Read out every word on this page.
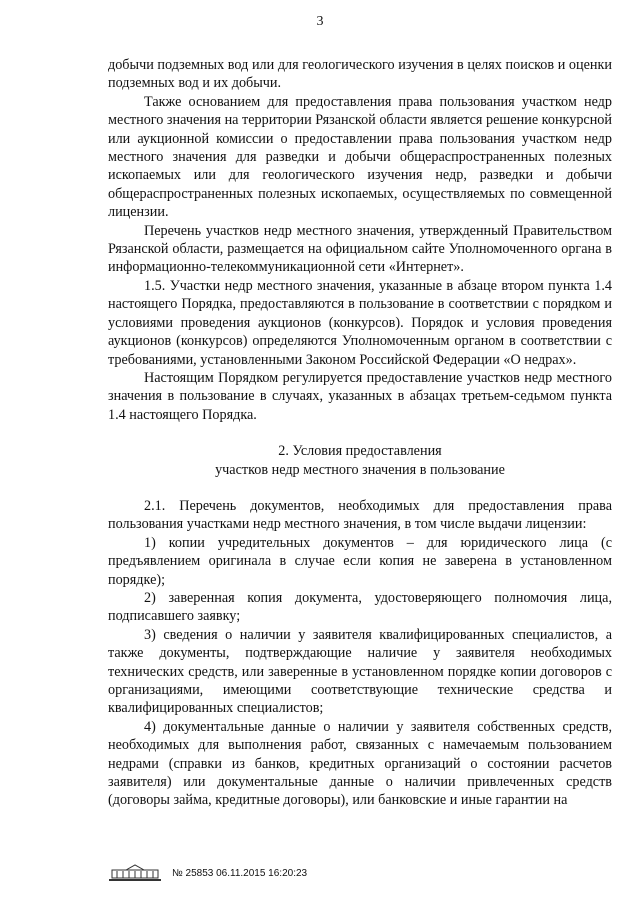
3

добычи подземных вод или для геологического изучения в целях поисков и оценки подземных вод и их добычи.

Также основанием для предоставления права пользования участком недр местного значения на территории Рязанской области является решение конкурсной или аукционной комиссии о предоставлении права пользования участком недр местного значения для разведки и добычи общераспространенных полезных ископаемых или для геологического изучения недр, разведки и добычи общераспространенных полезных ископаемых, осуществляемых по совмещенной лицензии.

Перечень участков недр местного значения, утвержденный Правительством Рязанской области, размещается на официальном сайте Уполномоченного органа в информационно-телекоммуникационной сети «Интернет».

1.5. Участки недр местного значения, указанные в абзаце втором пункта 1.4 настоящего Порядка, предоставляются в пользование в соответствии с порядком и условиями проведения аукционов (конкурсов). Порядок и условия проведения аукционов (конкурсов) определяются Уполномоченным органом в соответствии с требованиями, установленными Законом Российской Федерации «О недрах».

Настоящим Порядком регулируется предоставление участков недр местного значения в пользование в случаях, указанных в абзацах третьем-седьмом пункта 1.4 настоящего Порядка.

2. Условия предоставления

участков недр местного значения в пользование

2.1. Перечень документов, необходимых для предоставления права пользования участками недр местного значения, в том числе выдачи лицензии:

1) копии учредительных документов – для юридического лица (с предъявлением оригинала в случае если копия не заверена в установленном порядке);

2) заверенная копия документа, удостоверяющего полномочия лица, подписавшего заявку;

3) сведения о наличии у заявителя квалифицированных специалистов, а также документы, подтверждающие наличие у заявителя необходимых технических средств, или заверенные в установленном порядке копии договоров с организациями, имеющими соответствующие технические средства и квалифицированных специалистов;

4) документальные данные о наличии у заявителя собственных средств, необходимых для выполнения работ, связанных с намечаемым пользованием недрами (справки из банков, кредитных организаций о состоянии расчетов заявителя) или документальные данные о наличии привлеченных средств (договоры займа, кредитные договоры), или банковские и иные гарантии на

№ 25853 06.11.2015 16:20:23
